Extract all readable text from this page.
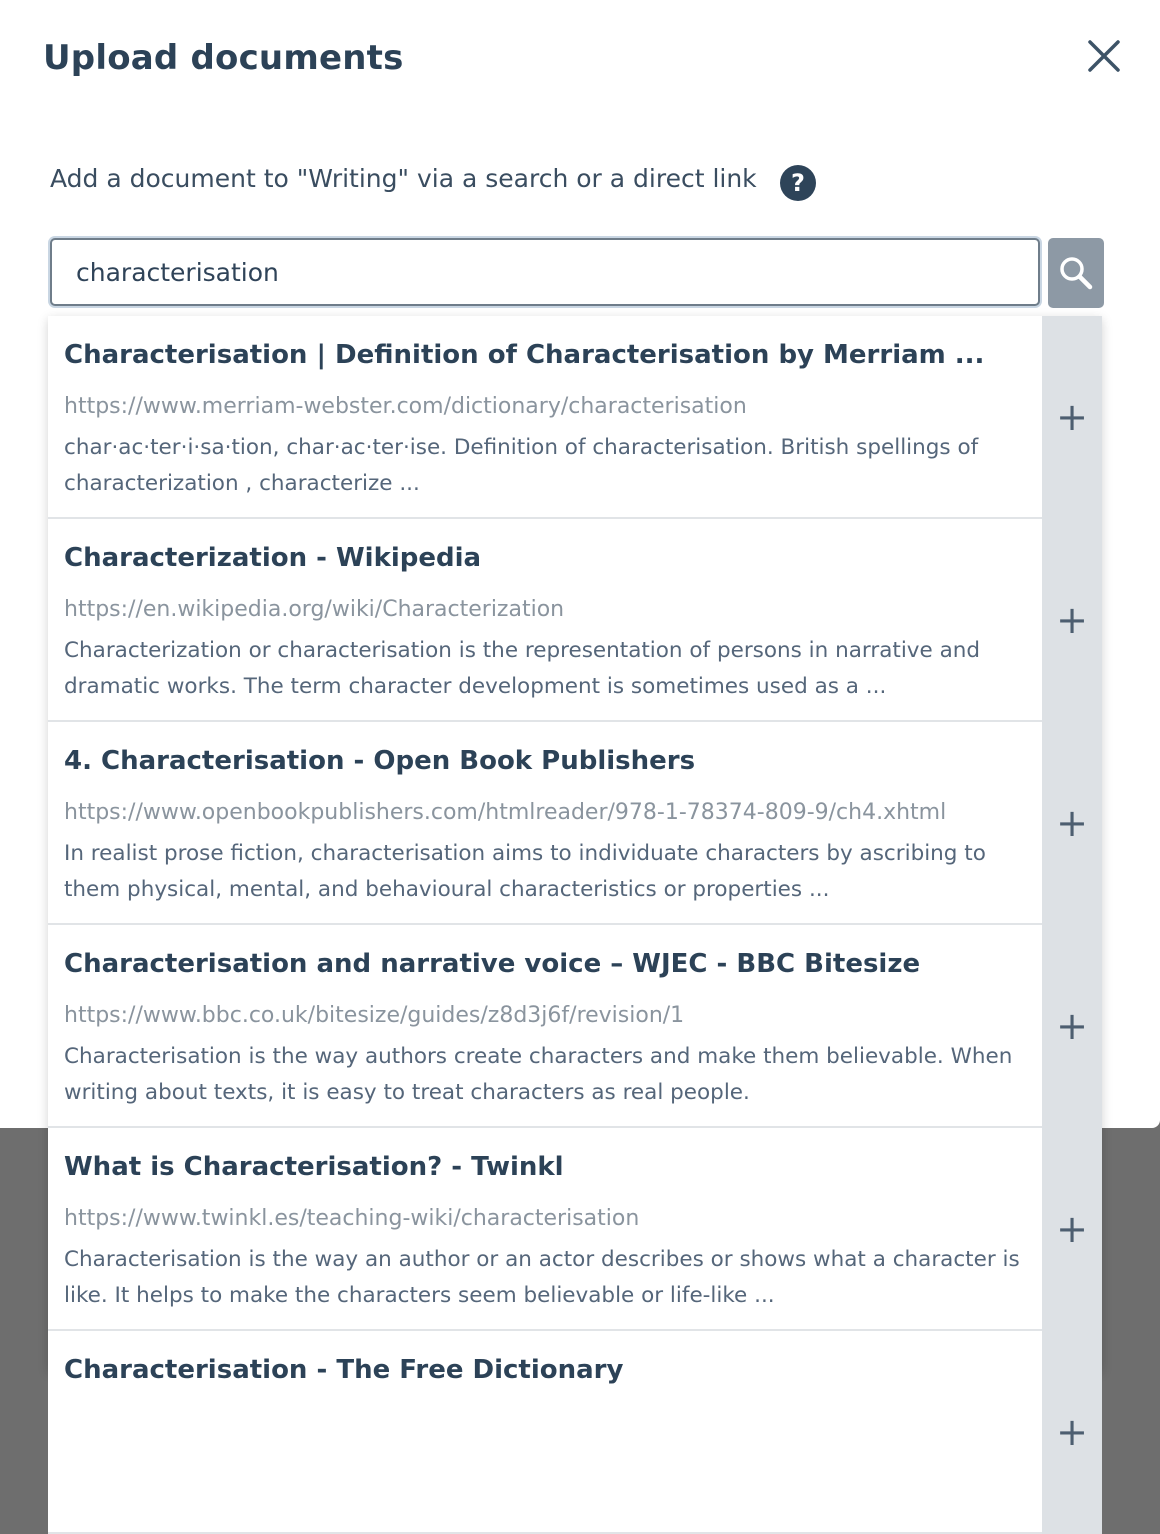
Upload documents
Add a document to "Writing" via a search or a direct link	?
characterisation
Characterisation | Definition of Characterisation by Merriam ...
https://www.merriam-webster.com/dictionary/characterisation
char·ac·ter·i·sa·tion, char·ac·ter·ise. Definition of characterisation. British spellings of characterization , characterize ...
+
Characterization - Wikipedia
https://en.wikipedia.org/wiki/Characterization
Characterization or characterisation is the representation of persons in narrative and dramatic works. The term character development is sometimes used as a ...
+
4. Characterisation - Open Book Publishers
https://www.openbookpublishers.com/htmlreader/978-1-78374-809-9/ch4.xhtml
In realist prose fiction, characterisation aims to individuate characters by ascribing to them physical, mental, and behavioural characteristics or properties ...
+
Characterisation and narrative voice – WJEC - BBC Bitesize
https://www.bbc.co.uk/bitesize/guides/z8d3j6f/revision/1
Characterisation is the way authors create characters and make them believable. When writing about texts, it is easy to treat characters as real people.
+
What is Characterisation? - Twinkl
https://www.twinkl.es/teaching-wiki/characterisation
Characterisation is the way an author or an actor describes or shows what a character is like. It helps to make the characters seem believable or life-like ...
+
Characterisation - The Free Dictionary
+
